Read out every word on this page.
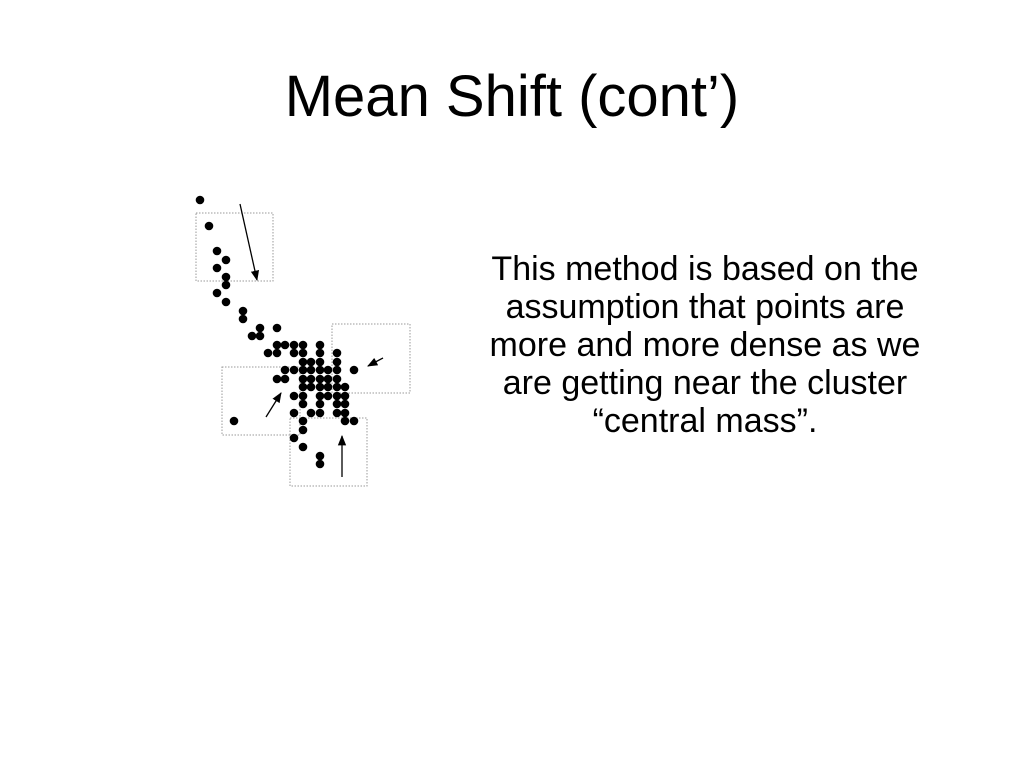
Mean Shift (cont’)
This method is based on the assumption that points are more and more dense as we are getting near the cluster “central mass”.
